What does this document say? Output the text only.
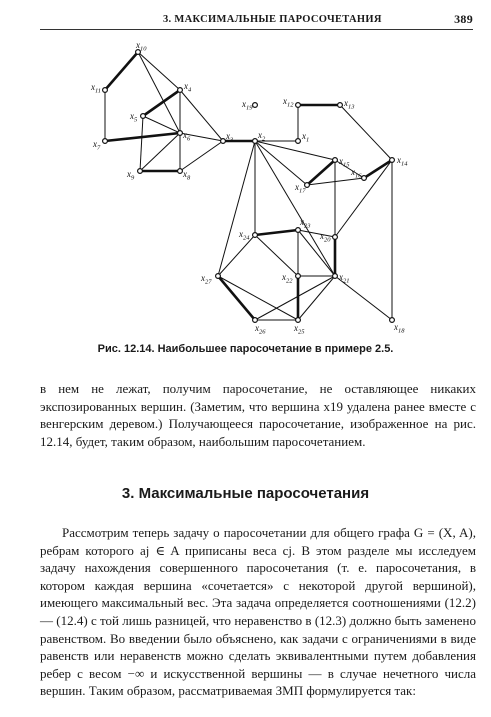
3. МАКСИМАЛЬНЫЕ ПАРОСОЧЕТАНИЯ	389
$x_1$
$x_2$
$x_3$
$x_4$
$x_5$
$x_6$
$x_7$
$x_8$
$x_9$
$x_{10}$
$x_{11}$
$x_{12}$	$x_{13}$
$x_{14}$
$x_{15}$
$x_{16}$
$x_{17}$
$x_{18}$
$x_{19}$
$x_{20}$
$x_{21}$
$x_{22}$
$x_{23}$
$x_{24}$
$x_{25}$
$x_{26}$
$x_{27}$
Рис. 12.14. Наибольшее паросочетание в примере 2.5.

в нем не лежат, получим паросочетание, не оставляющее никаких экспозированных вершин. (Заметим, что вершина x19 удалена ранее вместе с венгерским деревом.) Получающееся паросочетание, изображенное на рис. 12.14, будет, таким образом, наибольшим паросочетанием.

3. Максимальные паросочетания

Рассмотрим теперь задачу о паросочетании для общего графа G = (X, A), ребрам которого aj ∈ A приписаны веса cj. В этом разделе мы исследуем задачу нахождения совершенного паросочетания (т. е. паросочетания, в котором каждая вершина «сочетается» с некоторой другой вершиной), имеющего максимальный вес. Эта задача определяется соотношениями (12.2) — (12.4) с той лишь разницей, что неравенство в (12.3) должно быть заменено равенством. Во введении было объяснено, как задачи с ограничениями в виде равенств или неравенств можно сделать эквивалентными путем добавления ребер с весом −∞ и искусственной вершины — в случае нечетного числа вершин. Таким образом, рассматриваемая ЗМП формулируется так:
